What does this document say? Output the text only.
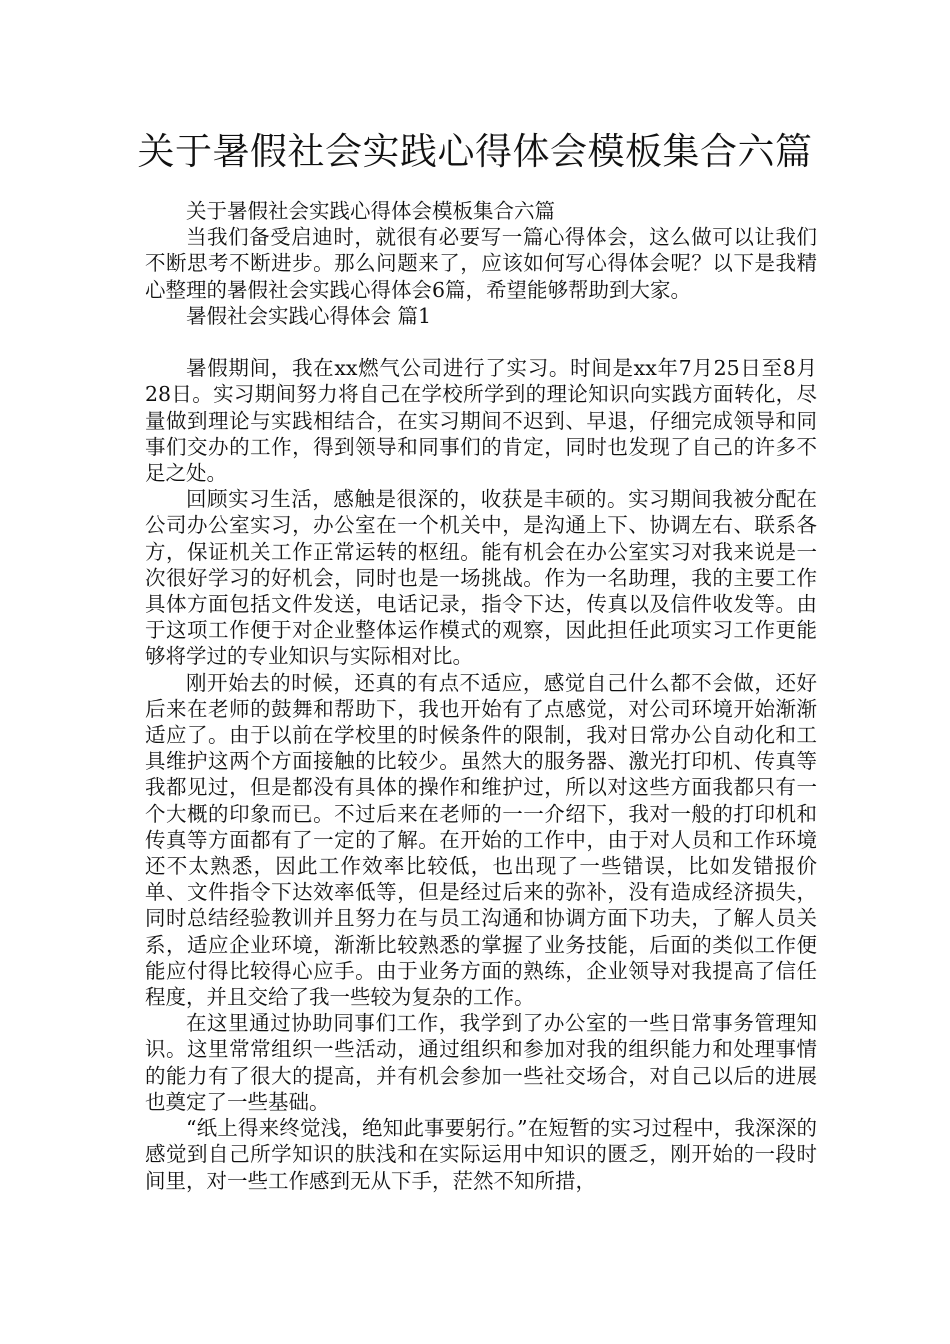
关于暑假社会实践心得体会模板集合六篇

关于暑假社会实践心得体会模板集合六篇

当我们备受启迪时，就很有必要写一篇心得体会，这么做可以让我们不断思考不断进步。那么问题来了，应该如何写心得体会呢？以下是我精心整理的暑假社会实践心得体会6篇，希望能够帮助到大家。

暑假社会实践心得体会 篇1

暑假期间，我在xx燃气公司进行了实习。时间是xx年7月25日至8月28日。实习期间努力将自己在学校所学到的理论知识向实践方面转化，尽量做到理论与实践相结合，在实习期间不迟到、早退，仔细完成领导和同事们交办的工作，得到领导和同事们的肯定，同时也发现了自己的许多不足之处。

回顾实习生活，感触是很深的，收获是丰硕的。实习期间我被分配在公司办公室实习，办公室在一个机关中，是沟通上下、协调左右、联系各方，保证机关工作正常运转的枢纽。能有机会在办公室实习对我来说是一次很好学习的好机会，同时也是一场挑战。作为一名助理，我的主要工作具体方面包括文件发送，电话记录，指令下达，传真以及信件收发等。由于这项工作便于对企业整体运作模式的观察，因此担任此项实习工作更能够将学过的专业知识与实际相对比。

刚开始去的时候，还真的有点不适应，感觉自己什么都不会做，还好后来在老师的鼓舞和帮助下，我也开始有了点感觉，对公司环境开始渐渐适应了。由于以前在学校里的时候条件的限制，我对日常办公自动化和工具维护这两个方面接触的比较少。虽然大的服务器、激光打印机、传真等我都见过，但是都没有具体的操作和维护过，所以对这些方面我都只有一个大概的印象而已。不过后来在老师的一一介绍下，我对一般的打印机和传真等方面都有了一定的了解。在开始的工作中，由于对人员和工作环境还不太熟悉，因此工作效率比较低，也出现了一些错误，比如发错报价单、文件指令下达效率低等，但是经过后来的弥补，没有造成经济损失，同时总结经验教训并且努力在与员工沟通和协调方面下功夫，了解人员关系，适应企业环境，渐渐比较熟悉的掌握了业务技能，后面的类似工作便能应付得比较得心应手。由于业务方面的熟练，企业领导对我提高了信任程度，并且交给了我一些较为复杂的工作。

在这里通过协助同事们工作，我学到了办公室的一些日常事务管理知识。这里常常组织一些活动，通过组织和参加对我的组织能力和处理事情的能力有了很大的提高，并有机会参加一些社交场合，对自己以后的进展也奠定了一些基础。

“纸上得来终觉浅，绝知此事要躬行。”在短暂的实习过程中，我深深的感觉到自己所学知识的肤浅和在实际运用中知识的匮乏，刚开始的一段时间里，对一些工作感到无从下手，茫然不知所措，
